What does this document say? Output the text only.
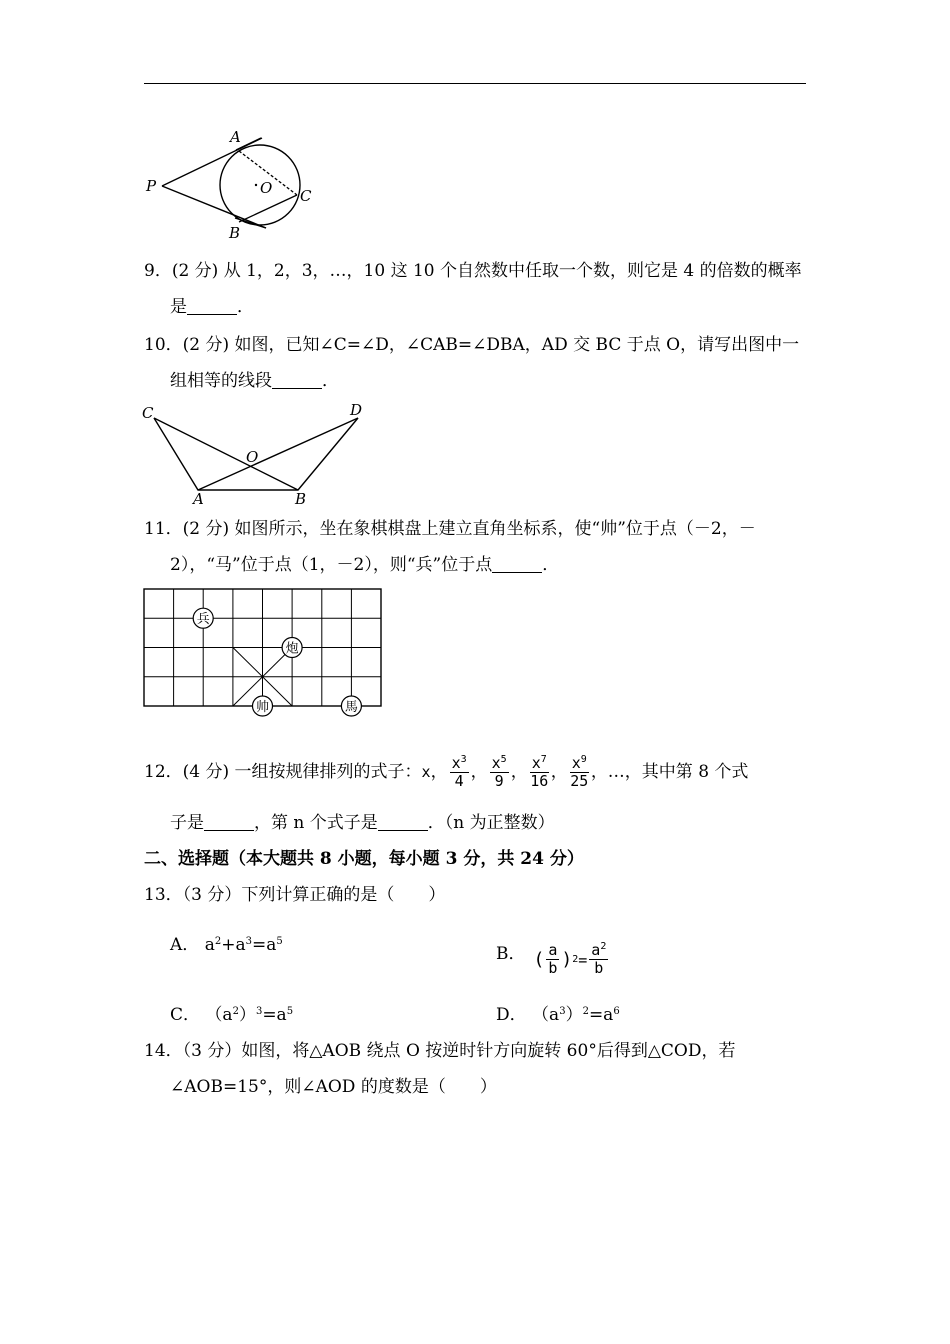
P
A
O C
B
9．(2 分) 从 1，2，3，…，10 这 10 个自然数中任取一个数，则它是 4 的倍数的概率
是	．
10．(2 分) 如图，已知∠C=∠D，∠CAB=∠DBA，AD 交 BC 于点 O，请写出图中一
组相等的线段	．
C	D
O
A	B
11．(2 分) 如图所示，坐在象棋棋盘上建立直角坐标系，使“帅”位于点（－2，－
2），“马”位于点（1，－2），则“兵”位于点	．
兵
炮
帅	馬
12．(4 分) 一组按规律排列的式子： x ， $\frac{x^3}{4}$ ， $\frac{x^5}{9}$ ， $\frac{x^7}{16}$ ， $\frac{x^9}{25}$ ，…，其中第 8 个式
子是	，第 n 个式子是	．（n 为正整数）
二、选择题（本大题共 8 小题，每小题 3 分，共 24 分）
13．（3 分）下列计算正确的是（　　）
A． $a^2+a^3=a^5$
B． ( $\frac{a}{b}$ ) $2 = \frac{a^2}{b}$
C． $(a^2)^3=a^5$	D． $(a^3)^2=a^6$
14．（3 分）如图，将△AOB 绕点 O 按逆时针方向旋转 60°后得到△COD，若
∠AOB=15°，则∠AOD 的度数是（　　）
